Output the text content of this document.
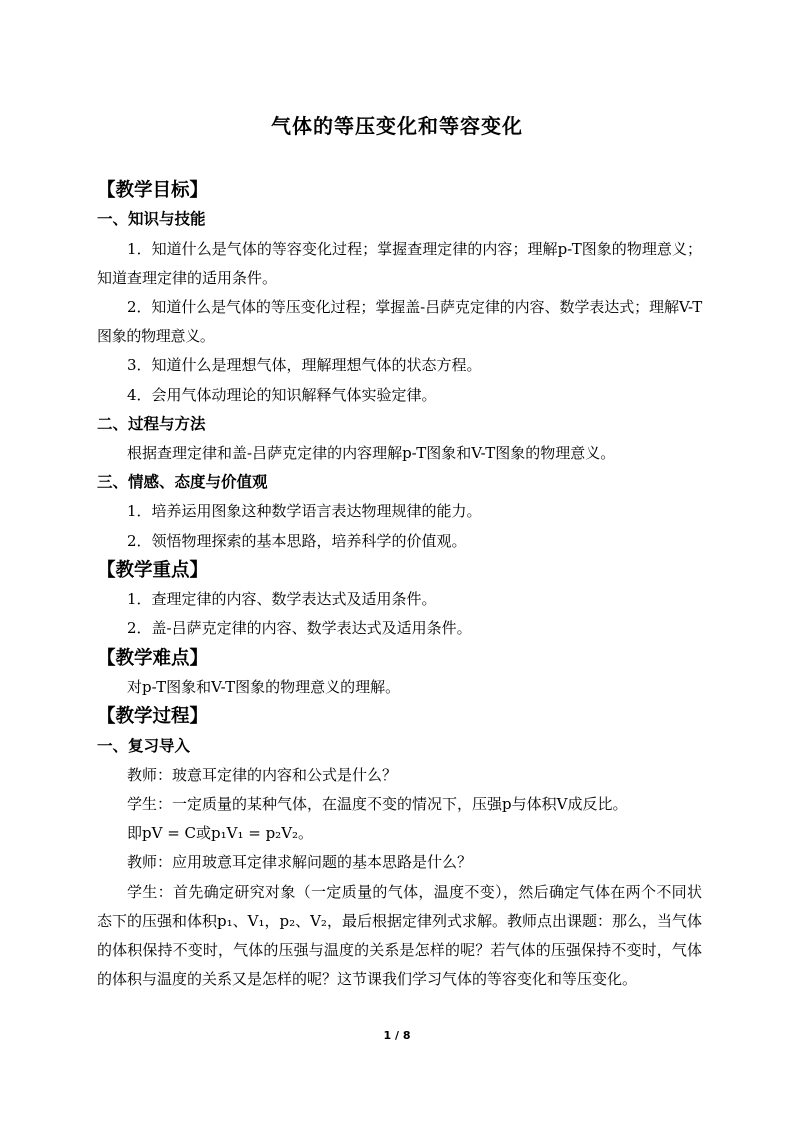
气体的等压变化和等容变化

【教学目标】

一、知识与技能

1．知道什么是气体的等容变化过程；掌握查理定律的内容；理解p-T图象的物理意义；知道查理定律的适用条件。

2．知道什么是气体的等压变化过程；掌握盖-吕萨克定律的内容、数学表达式；理解V-T图象的物理意义。

3．知道什么是理想气体，理解理想气体的状态方程。

4．会用气体动理论的知识解释气体实验定律。

二、过程与方法

根据查理定律和盖-吕萨克定律的内容理解p-T图象和V-T图象的物理意义。

三、情感、态度与价值观

1．培养运用图象这种数学语言表达物理规律的能力。

2．领悟物理探索的基本思路，培养科学的价值观。

【教学重点】

1．查理定律的内容、数学表达式及适用条件。

2．盖-吕萨克定律的内容、数学表达式及适用条件。

【教学难点】

对p-T图象和V-T图象的物理意义的理解。

【教学过程】

一、复习导入

教师：玻意耳定律的内容和公式是什么？

学生：一定质量的某种气体，在温度不变的情况下，压强p与体积V成反比。

即pV = C或p₁V₁ = p₂V₂。

教师：应用玻意耳定律求解问题的基本思路是什么？

学生：首先确定研究对象（一定质量的气体，温度不变），然后确定气体在两个不同状态下的压强和体积p₁、V₁，p₂、V₂，最后根据定律列式求解。教师点出课题：那么，当气体的体积保持不变时，气体的压强与温度的关系是怎样的呢？若气体的压强保持不变时，气体的体积与温度的关系又是怎样的呢？这节课我们学习气体的等容变化和等压变化。

1 / 8
